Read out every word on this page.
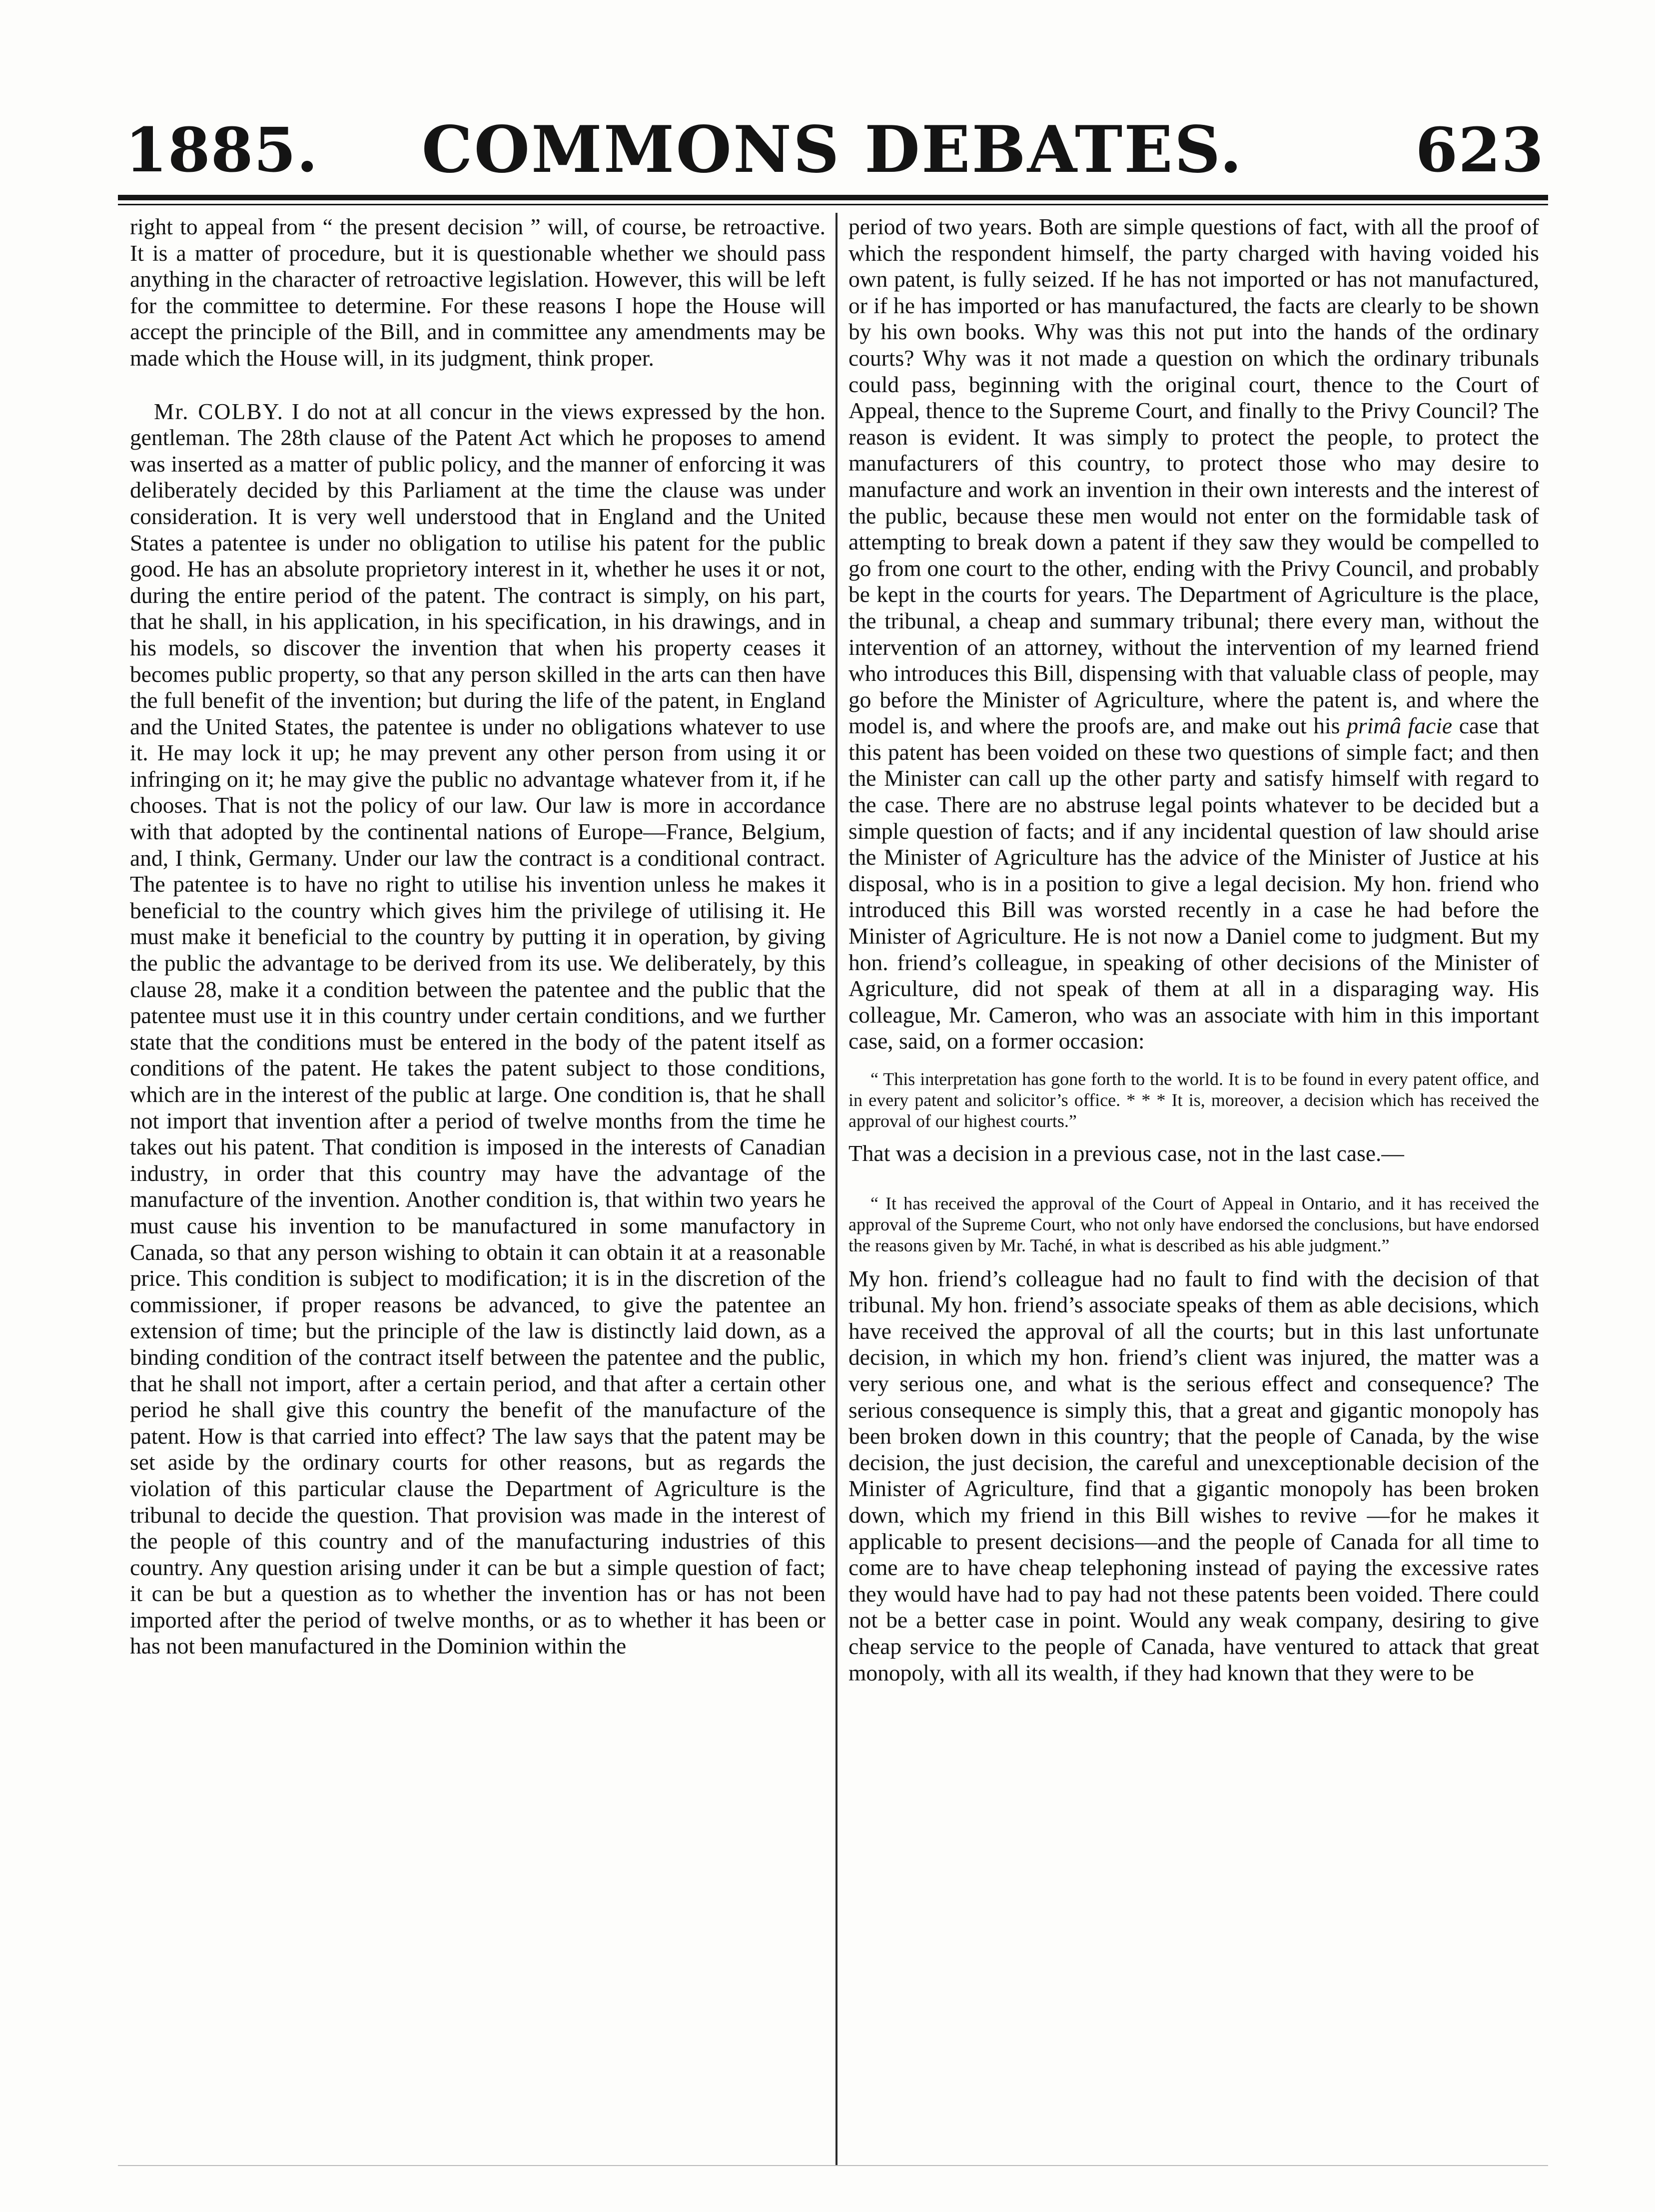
COMMONS DEBATES.
1885.	623

right to appeal from “ the present decision ” will, of course, be retroactive. It is a matter of procedure, but it is questionable whether we should pass anything in the character of retroactive legislation. However, this will be left for the committee to determine. For these reasons I hope the House will accept the principle of the Bill, and in committee any amendments may be made which the House will, in its judgment, think proper.

Mr. COLBY. I do not at all concur in the views expressed by the hon. gentleman. The 28th clause of the Patent Act which he proposes to amend was inserted as a matter of public policy, and the manner of enforcing it was deliberately decided by this Parliament at the time the clause was under consideration. It is very well understood that in England and the United States a patentee is under no obligation to utilise his patent for the public good. He has an absolute proprietory interest in it, whether he uses it or not, during the entire period of the patent. The contract is simply, on his part, that he shall, in his application, in his specification, in his drawings, and in his models, so discover the invention that when his property ceases it becomes public property, so that any person skilled in the arts can then have the full benefit of the invention; but during the life of the patent, in England and the United States, the patentee is under no obligations whatever to use it. He may lock it up; he may prevent any other person from using it or infringing on it; he may give the public no advantage whatever from it, if he chooses. That is not the policy of our law. Our law is more in accordance with that adopted by the continental nations of Europe—France, Belgium, and, I think, Germany. Under our law the contract is a conditional contract. The patentee is to have no right to utilise his invention unless he makes it beneficial to the country which gives him the privilege of utilising it. He must make it beneficial to the country by putting it in operation, by giving the public the advantage to be derived from its use. We deliberately, by this clause 28, make it a condition between the patentee and the public that the patentee must use it in this country under certain conditions, and we further state that the conditions must be entered in the body of the patent itself as conditions of the patent. He takes the patent subject to those conditions, which are in the interest of the public at large. One condition is, that he shall not import that invention after a period of twelve months from the time he takes out his patent. That condition is imposed in the interests of Canadian industry, in order that this country may have the advantage of the manufacture of the invention. Another condition is, that within two years he must cause his invention to be manufactured in some manufactory in Canada, so that any person wishing to obtain it can obtain it at a reasonable price. This condition is subject to modification; it is in the discretion of the commissioner, if proper reasons be advanced, to give the patentee an extension of time; but the principle of the law is distinctly laid down, as a binding condition of the contract itself between the patentee and the public, that he shall not import, after a certain period, and that after a certain other period he shall give this country the benefit of the manufacture of the patent. How is that carried into effect? The law says that the patent may be set aside by the ordinary courts for other reasons, but as regards the violation of this particular clause the Department of Agriculture is the tribunal to decide the question. That provision was made in the interest of the people of this country and of the manufacturing industries of this country. Any question arising under it can be but a simple question of fact; it can be but a question as to whether the invention has or has not been imported after the period of twelve months, or as to whether it has been or has not been manufactured in the Dominion within the

period of two years. Both are simple questions of fact, with all the proof of which the respondent himself, the party charged with having voided his own patent, is fully seized. If he has not imported or has not manufactured, or if he has imported or has manufactured, the facts are clearly to be shown by his own books. Why was this not put into the hands of the ordinary courts? Why was it not made a question on which the ordinary tribunals could pass, beginning with the original court, thence to the Court of Appeal, thence to the Supreme Court, and finally to the Privy Council? The reason is evident. It was simply to protect the people, to protect the manufacturers of this country, to protect those who may desire to manufacture and work an invention in their own interests and the interest of the public, because these men would not enter on the formidable task of attempting to break down a patent if they saw they would be compelled to go from one court to the other, ending with the Privy Council, and probably be kept in the courts for years. The Department of Agriculture is the place, the tribunal, a cheap and summary tribunal; there every man, without the intervention of an attorney, without the intervention of my learned friend who introduces this Bill, dispensing with that valuable class of people, may go before the Minister of Agriculture, where the patent is, and where the model is, and where the proofs are, and make out his primâ facie case that this patent has been voided on these two questions of simple fact; and then the Minister can call up the other party and satisfy himself with regard to the case. There are no abstruse legal points whatever to be decided but a simple question of facts; and if any incidental question of law should arise the Minister of Agriculture has the advice of the Minister of Justice at his disposal, who is in a position to give a legal decision. My hon. friend who introduced this Bill was worsted recently in a case he had before the Minister of Agriculture. He is not now a Daniel come to judgment. But my hon. friend’s colleague, in speaking of other decisions of the Minister of Agriculture, did not speak of them at all in a disparaging way. His colleague, Mr. Cameron, who was an associate with him in this important case, said, on a former occasion:

“ This interpretation has gone forth to the world. It is to be found in every patent office, and in every patent and solicitor’s office. * * * It is, moreover, a decision which has received the approval of our highest courts.”

That was a decision in a previous case, not in the last case.—

“ It has received the approval of the Court of Appeal in Ontario, and it has received the approval of the Supreme Court, who not only have endorsed the conclusions, but have endorsed the reasons given by Mr. Taché, in what is described as his able judgment.”

My hon. friend’s colleague had no fault to find with the decision of that tribunal. My hon. friend’s associate speaks of them as able decisions, which have received the approval of all the courts; but in this last unfortunate decision, in which my hon. friend’s client was injured, the matter was a very serious one, and what is the serious effect and consequence? The serious consequence is simply this, that a great and gigantic monopoly has been broken down in this country; that the people of Canada, by the wise decision, the just decision, the careful and unexceptionable decision of the Minister of Agriculture, find that a gigantic monopoly has been broken down, which my friend in this Bill wishes to revive —for he makes it applicable to present decisions—and the people of Canada for all time to come are to have cheap telephoning instead of paying the excessive rates they would have had to pay had not these patents been voided. There could not be a better case in point. Would any weak company, desiring to give cheap service to the people of Canada, have ventured to attack that great monopoly, with all its wealth, if they had known that they were to be
